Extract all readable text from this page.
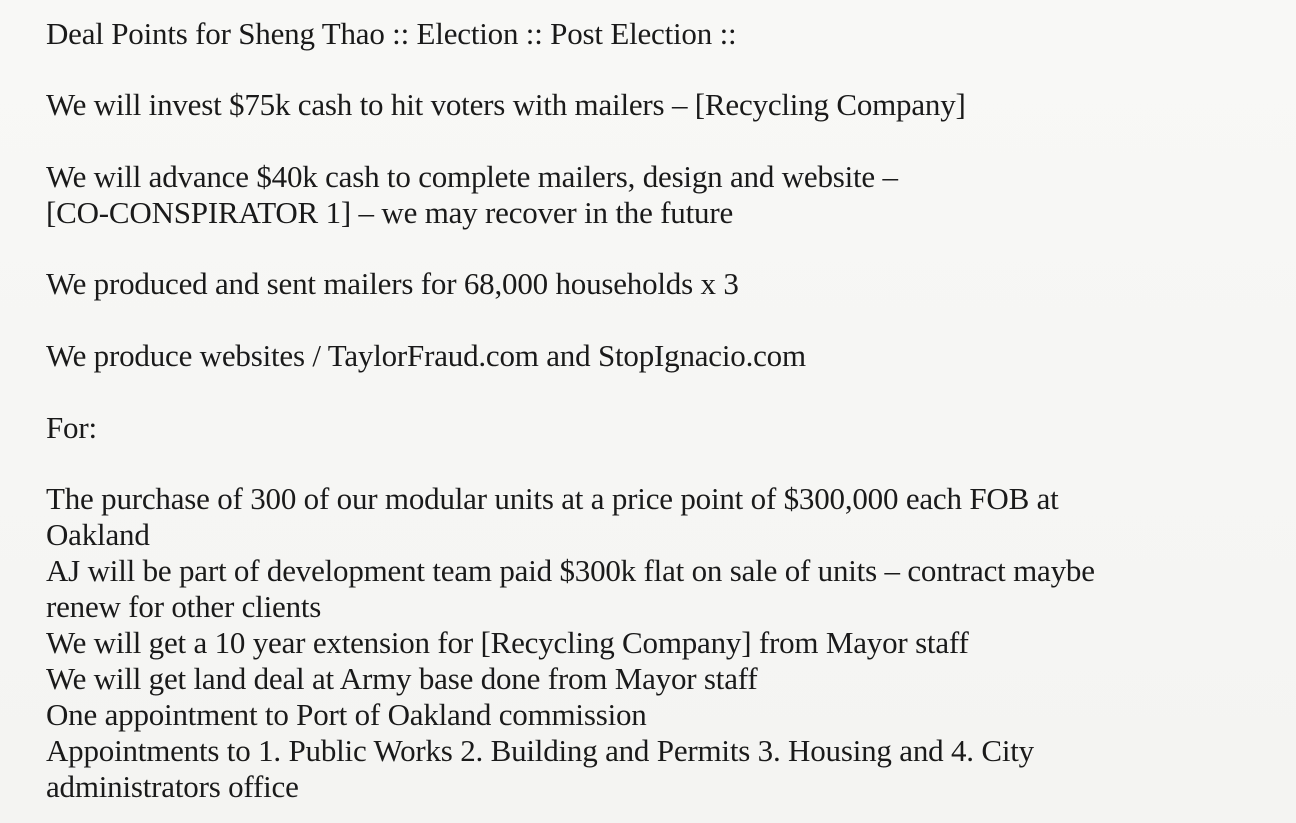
Deal Points for Sheng Thao :: Election :: Post Election ::
We will invest $75k cash to hit voters with mailers – [Recycling Company]
We will advance $40k cash to complete mailers, design and website –
[CO-CONSPIRATOR 1] – we may recover in the future
We produced and sent mailers for 68,000 households x 3
We produce websites / TaylorFraud.com and StopIgnacio.com
For:
The purchase of 300 of our modular units at a price point of $300,000 each FOB at
Oakland
AJ will be part of development team paid $300k flat on sale of units – contract maybe
renew for other clients
We will get a 10 year extension for [Recycling Company] from Mayor staff
We will get land deal at Army base done from Mayor staff
One appointment to Port of Oakland commission
Appointments to 1. Public Works 2. Building and Permits 3. Housing and 4. City
administrators office
